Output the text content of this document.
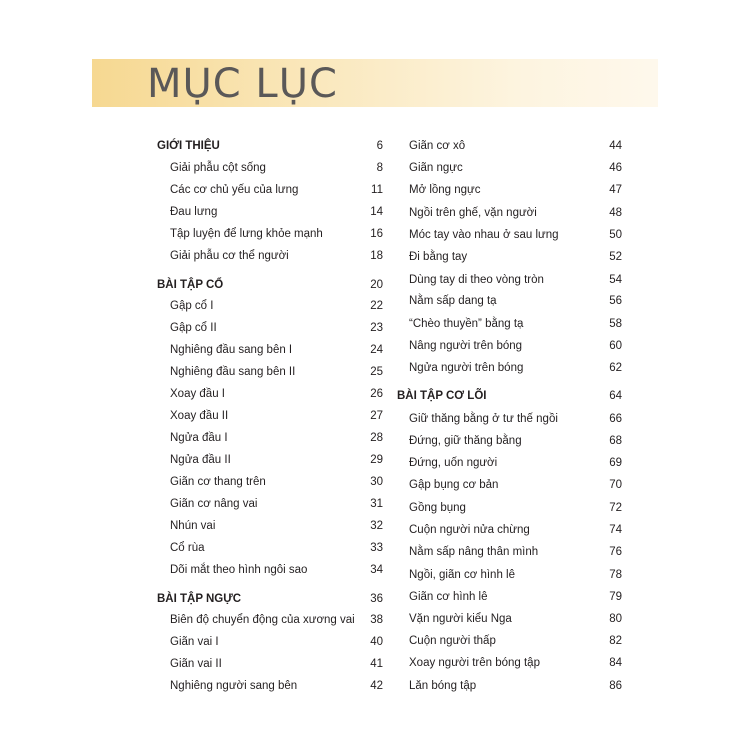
MỤC LỤC
GIỚI THIỆU	6
Giải phẫu cột sống	8
Các cơ chủ yếu của lưng	11
Đau lưng	14
Tập luyện để lưng khỏe mạnh	16
Giải phẫu cơ thể người	18
BÀI TẬP CỔ	20
Gập cổ I	22
Gập cổ II	23
Nghiêng đầu sang bên I	24
Nghiêng đầu sang bên II	25
Xoay đầu I	26
Xoay đầu II	27
Ngửa đầu I	28
Ngửa đầu II	29
Giãn cơ thang trên	30
Giãn cơ nâng vai	31
Nhún vai	32
Cổ rùa	33
Dõi mắt theo hình ngôi sao	34
BÀI TẬP NGỰC	36
Biên độ chuyển động của xương vai 38
Giãn vai I	40
Giãn vai II	41
Nghiêng người sang bên	42
Giãn cơ xô	44
Giãn ngực	46
Mở lồng ngực	47
Ngồi trên ghế, vặn người	48
Móc tay vào nhau ở sau lưng	50
Đi bằng tay	52
Dùng tay di theo vòng tròn	54
Nằm sấp dang tạ	56
“Chèo thuyền” bằng tạ	58
Nâng người trên bóng	60
Ngửa người trên bóng	62
BÀI TẬP CƠ LÕI	64
Giữ thăng bằng ở tư thế ngồi	66
Đứng, giữ thăng bằng	68
Đứng, uốn người	69
Gập bụng cơ bản	70
Gồng bụng	72
Cuộn người nửa chừng	74
Nằm sấp nâng thân mình	76
Ngồi, giãn cơ hình lê	78
Giãn cơ hình lê	79
Vặn người kiểu Nga	80
Cuộn người thấp	82
Xoay người trên bóng tập	84
Lăn bóng tập	86
